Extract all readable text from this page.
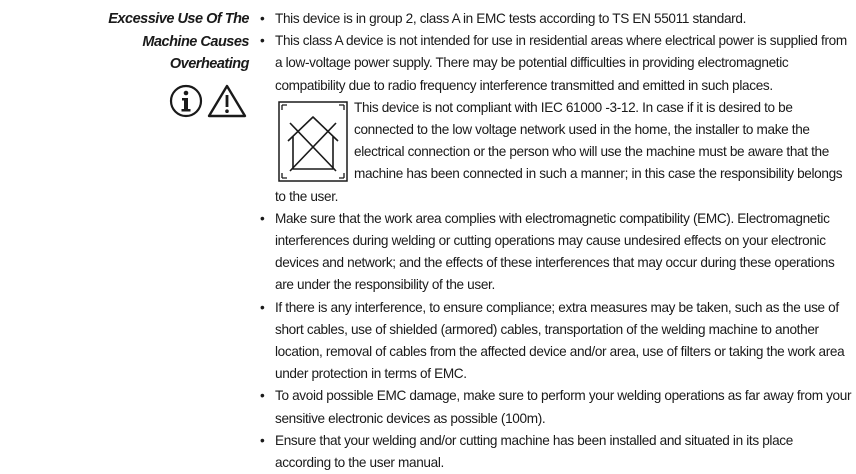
Excessive Use Of The
Machine Causes
Overheating
• This device is in group 2, class A in EMC tests according to TS EN 55011 standard.
• This class A device is not intended for use in residential areas where electrical power is supplied from a low-voltage power supply. There may be potential difficulties in providing electromagnetic compatibility due to radio frequency interference transmitted and emitted in such places.
This device is not compliant with IEC 61000 -3-12. In case if it is desired to be connected to the low voltage network used in the home, the installer to make the electrical connection or the person who will use the machine must be aware that the machine has been connected in such a manner; in this case the responsibility belongs to the user.
• Make sure that the work area complies with electromagnetic compatibility (EMC). Electromagnetic interferences during welding or cutting operations may cause undesired effects on your electronic devices and network; and the effects of these interferences that may occur during these operations are under the responsibility of the user.
• If there is any interference, to ensure compliance; extra measures may be taken, such as the use of short cables, use of shielded (armored) cables, transportation of the welding machine to another location, removal of cables from the affected device and/or area, use of filters or taking the work area under protection in terms of EMC.
• To avoid possible EMC damage, make sure to perform your welding operations as far away from your sensitive electronic devices as possible (100m).
• Ensure that your welding and/or cutting machine has been installed and situated in its place according to the user manual.
